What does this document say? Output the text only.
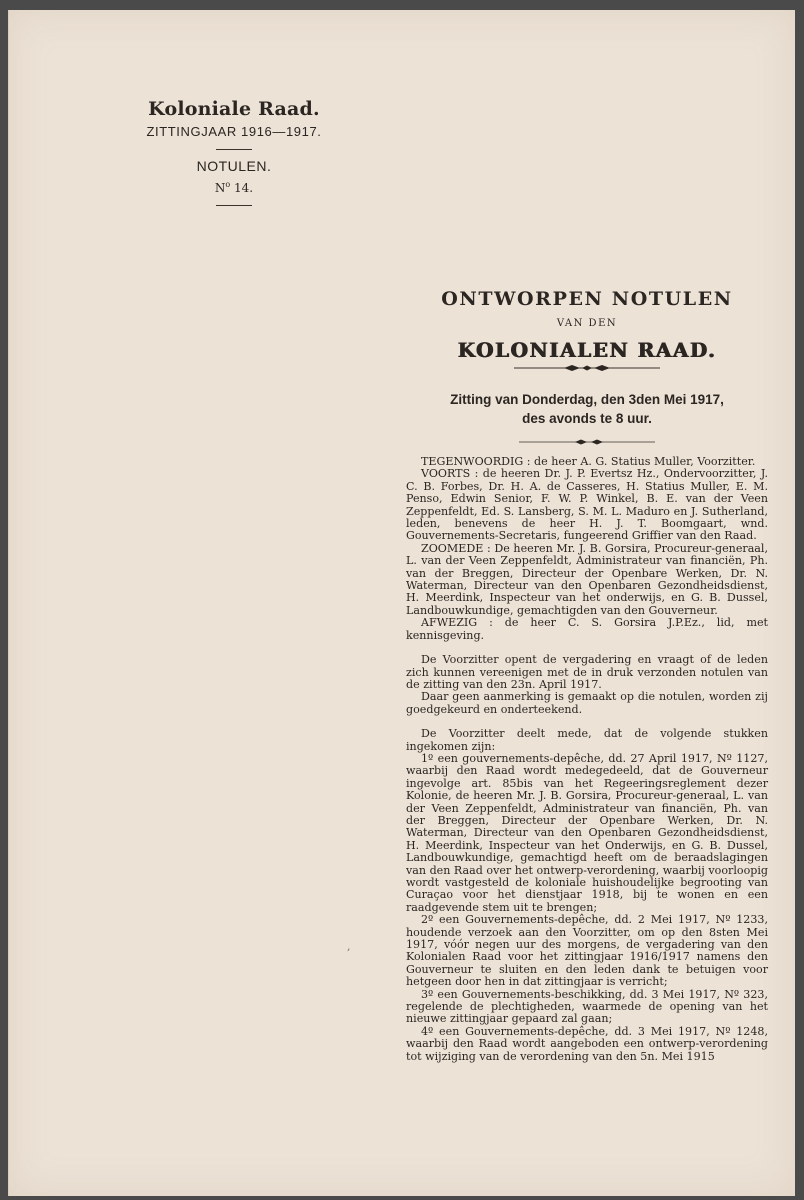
Koloniale Raad.
ZITTINGJAAR 1916—1917.
NOTULEN.
$N^o$ 14.
,
ONTWORPEN NOTULEN
VAN DEN
KOLONIALEN RAAD.
Zitting van Donderdag, den 3den Mei 1917,
des avonds te 8 uur.

TEGENWOORDIG : de heer A. G. Statius Muller, Voorzitter.

VOORTS : de heeren Dr. J. P. Evertsz Hz., Ondervoorzitter, J. C. B. Forbes, Dr. H. A. de Casseres, H. Statius Muller, E. M. Penso, Edwin Senior, F. W. P. Winkel, B. E. van der Veen Zeppenfeldt, Ed. S. Lansberg, S. M. L. Maduro en J. Sutherland, leden, benevens de heer H. J. T. Boomgaart, wnd. Gouvernements-Secretaris, fungeerend Griffier van den Raad.

ZOOMEDE : De heeren Mr. J. B. Gorsira, Procureur-generaal, L. van der Veen Zeppenfeldt, Administrateur van financiën, Ph. van der Breggen, Directeur der Openbare Werken, Dr. N. Waterman, Directeur van den Openbaren Gezondheidsdienst, H. Meerdink, Inspecteur van het onderwijs, en G. B. Dussel, Landbouwkundige, gemachtigden van den Gouverneur.

AFWEZIG : de heer C. S. Gorsira J.P.Ez., lid, met kennisgeving.

De Voorzitter opent de vergadering en vraagt of de leden zich kunnen vereenigen met de in druk verzonden notulen van de zitting van den 23n. April 1917.

Daar geen aanmerking is gemaakt op die notulen, worden zij goedgekeurd en onderteekend.

De Voorzitter deelt mede, dat de volgende stukken ingekomen zijn:

1º een gouvernements-depêche, dd. 27 April 1917, Nº 1127, waarbij den Raad wordt medegedeeld, dat de Gouverneur ingevolge art. 85bis van het Regeeringsreglement dezer Kolonie, de heeren Mr. J. B. Gorsira, Procureur-generaal, L. van der Veen Zeppenfeldt, Administrateur van financiën, Ph. van der Breggen, Directeur der Openbare Werken, Dr. N. Waterman, Directeur van den Openbaren Gezondheidsdienst, H. Meerdink, Inspecteur van het Onderwijs, en G. B. Dussel, Landbouwkundige, gemachtigd heeft om de beraadslagingen van den Raad over het ontwerp-verordening, waarbij voorloopig wordt vastgesteld de koloniale huishoudelijke begrooting van Curaçao voor het dienstjaar 1918, bij te wonen en een raadgevende stem uit te brengen;

2º een Gouvernements-depêche, dd. 2 Mei 1917, Nº 1233, houdende verzoek aan den Voorzitter, om op den 8sten Mei 1917, vóór negen uur des morgens, de vergadering van den Kolonialen Raad voor het zittingjaar 1916/1917 namens den Gouverneur te sluiten en den leden dank te betuigen voor hetgeen door hen in dat zittingjaar is verricht;

3º een Gouvernements-beschikking, dd. 3 Mei 1917, Nº 323, regelende de plechtigheden, waarmede de opening van het nieuwe zittingjaar gepaard zal gaan;

4º een Gouvernements-depêche, dd. 3 Mei 1917, Nº 1248, waarbij den Raad wordt aangeboden een ontwerp-verordening tot wijziging van de verordening van den 5n. Mei 1915
